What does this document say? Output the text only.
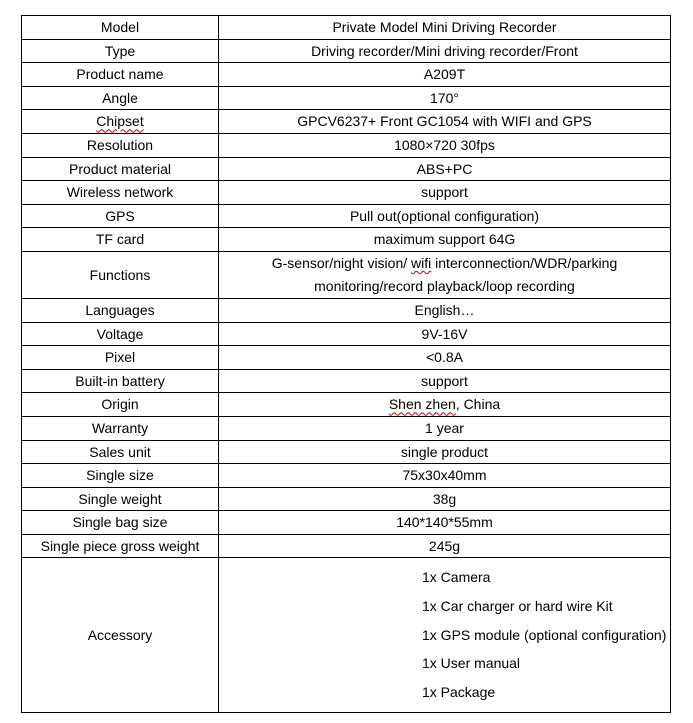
Model	Private Model Mini Driving Recorder
Type	Driving recorder/Mini driving recorder/Front
Product name	A209T
Angle	170°
Chipset	GPCV6237+ Front GC1054 with WIFI and GPS
Resolution	1080×720 30fps
Product material	ABS+PC
Wireless network	support
GPS	Pull out(optional configuration)
TF card	maximum support 64G
Functions	G-sensor/night vision/ wifi interconnection/WDR/parking
monitoring/record playback/loop recording

Languages	English…
Voltage	9V-16V
Pixel	<0.8A
Built-in battery	support
Origin	Shen zhen, China
Warranty	1 year
Sales unit	single product
Single size	75x30x40mm
Single weight	38g
Single bag size	140*140*55mm
Single piece gross weight	245g
Accessory	1x Camera
1x Car charger or hard wire Kit
1x GPS module (optional configuration)
1x User manual
1x Package
